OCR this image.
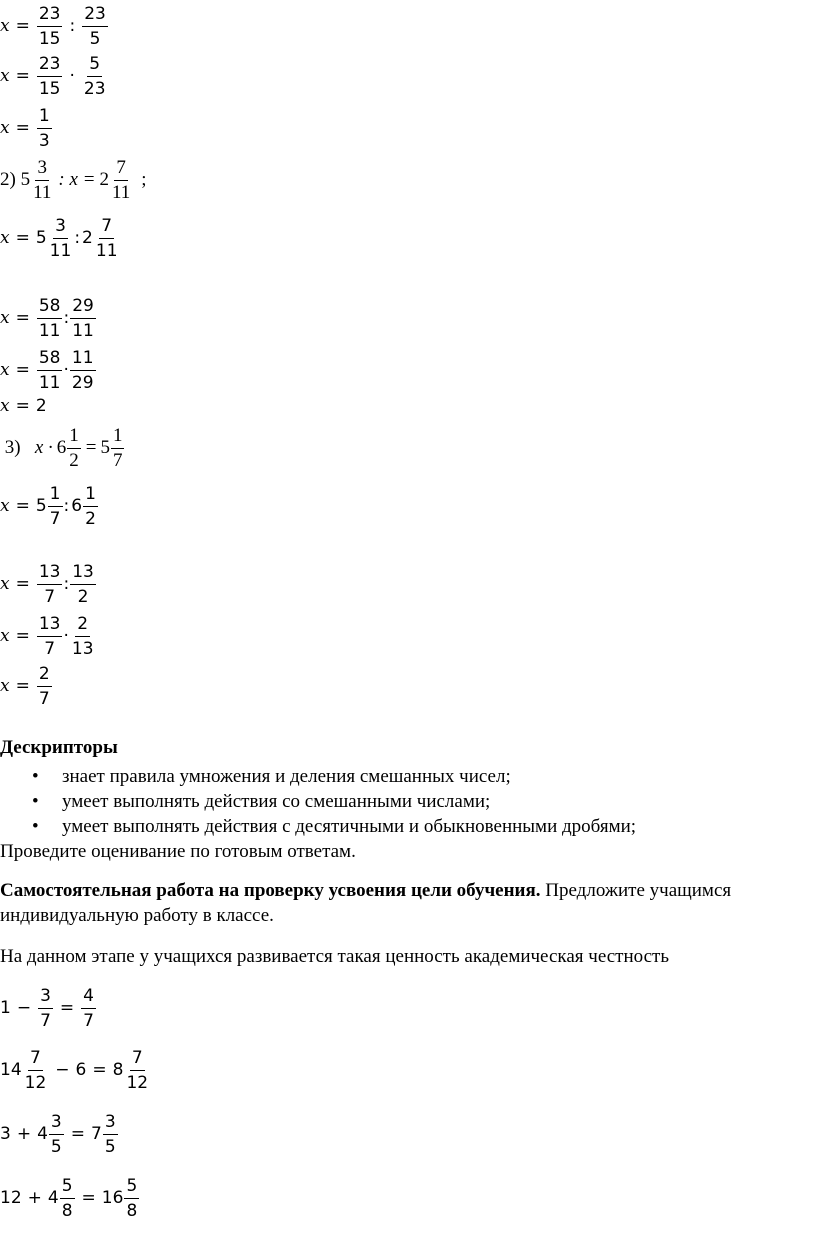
$x = \frac{23}{15}$ : $\frac{23}{5}$
$x = \frac{23}{15} \cdot \frac{5}{23}$
$x = \frac{1}{3}$
2)
$5 \frac{3}{11}$ : $x = 2 \frac{7}{11}$ ;
$x = 5 \frac{3}{11}$ : $2 \frac{7}{11}$
$x = \frac{58}{11}$ : $\frac{29}{11}$
$x = \frac{58}{11} \cdot \frac{11}{29}$
x = 2

3)
$x \cdot 6 \frac{1}{2} = 5 \frac{1}{7}$
$x = 5 \frac{1}{7}$ : $6 \frac{1}{2}$
$x = \frac{13}{7}$ : $\frac{13}{2}$
$x = \frac{13}{7} \cdot \frac{2}{13}$
$x = \frac{2}{7}$
Дескрипторы
• знает правила умножения и деления смешанных чисел;
• умеет выполнять действия со смешанными числами;
• умеет выполнять действия с десятичными и обыкновенными дробями;
Проведите оценивание по готовым ответам.
Самостоятельная работа на проверку усвоения цели обучения. Предложите учащимся
индивидуальную работу в классе.
На данном этапе у учащихся развивается такая ценность академическая честность
$1 - \frac{3}{7} = \frac{4}{7}$
$14 \frac{7}{12} - 6 = 8 \frac{7}{12}$
$3 + 4 \frac{3}{5} = 7 \frac{3}{5}$
$12 + 4 \frac{5}{8} = 16 \frac{5}{8}$
